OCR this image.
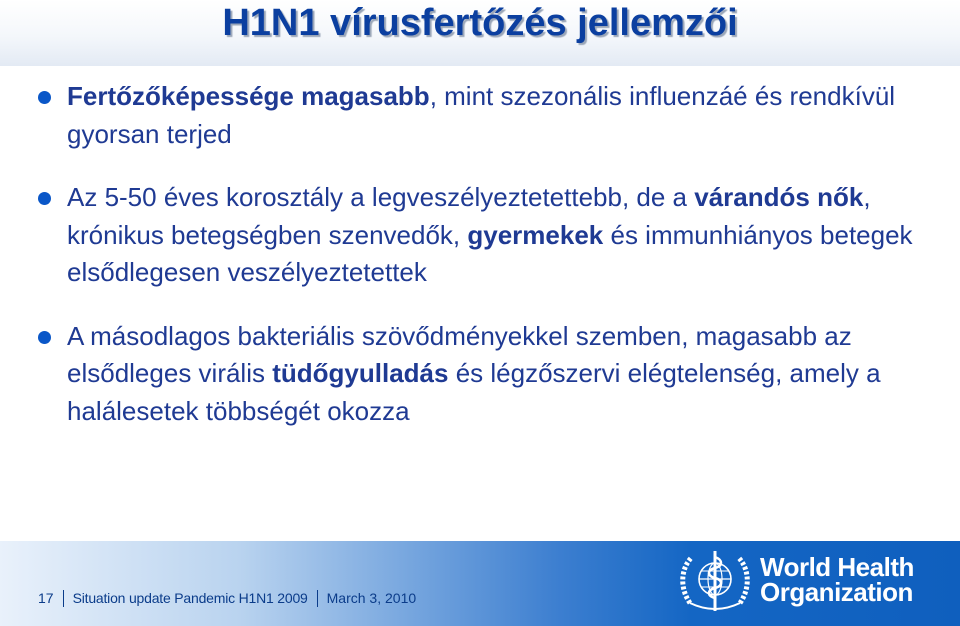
H1N1 vírusfertőzés jellemzői
Fertőzőképessége magasabb, mint szezonális influenzáé és rendkívül gyorsan terjed
Az 5-50 éves korosztály a legveszélyeztetettebb, de a várandós nők, krónikus betegségben szenvedők, gyermekek és immunhiányos betegek elsődlegesen veszélyeztetettek
A másodlagos bakteriális szövődményekkel szemben, magasabb az elsődleges virális tüdőgyulladás és légzőszervi elégtelenség, amely a halálesetek többségét okozza
17 Situation update Pandemic H1N1 2009 March 3, 2010
World Health
Organization
